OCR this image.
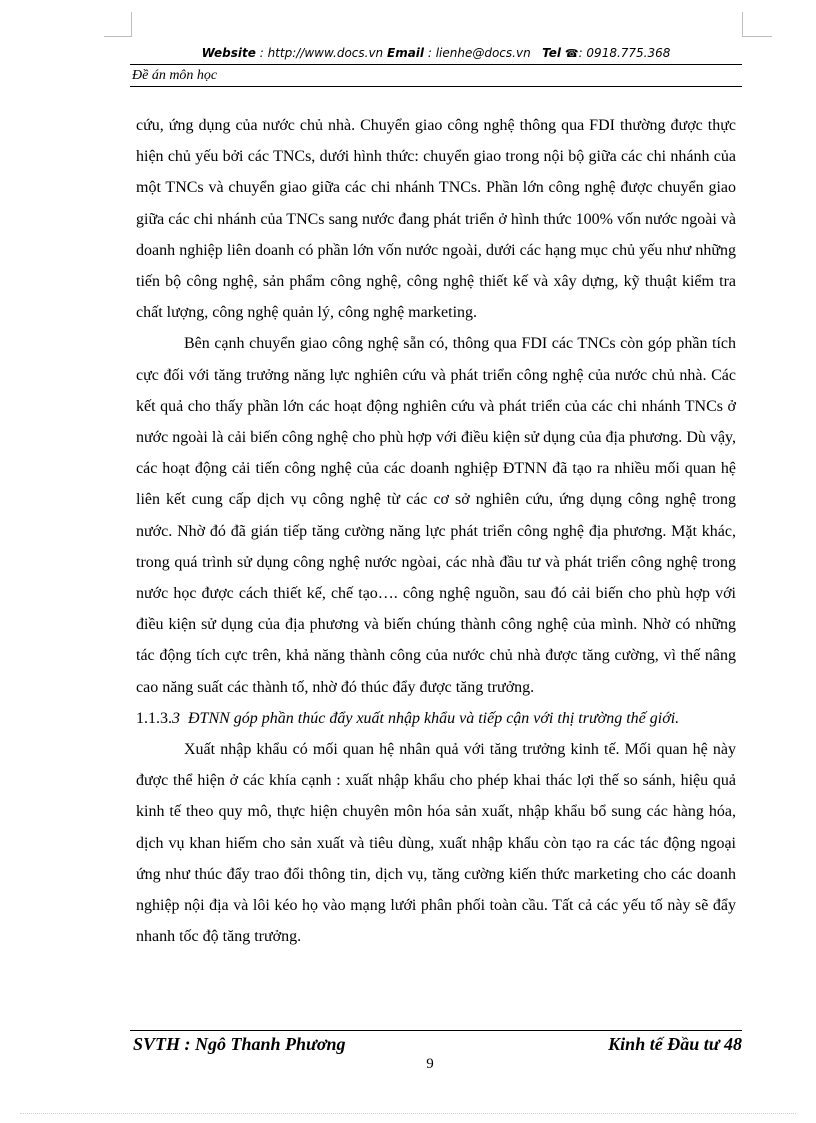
Website : http://www.docs.vn Email : lienhe@docs.vn Tel ☎: 0918.775.368
Đề án môn học

cứu, ứng dụng của nước chủ nhà. Chuyển giao công nghệ thông qua FDI thường được thực hiện chủ yếu bởi các TNCs, dưới hình thức: chuyển giao trong nội bộ giữa các chi nhánh của một TNCs và chuyển giao giữa các chi nhánh TNCs. Phần lớn công nghệ được chuyển giao giữa các chi nhánh của TNCs sang nước đang phát triển ở hình thức 100% vốn nước ngoài và doanh nghiệp liên doanh có phần lớn vốn nước ngoài, dưới các hạng mục chủ yếu như những tiến bộ công nghệ, sản phẩm công nghệ, công nghệ thiết kế và xây dựng, kỹ thuật kiểm tra chất lượng, công nghệ quản lý, công nghệ marketing.

Bên cạnh chuyển giao công nghệ sẵn có, thông qua FDI các TNCs còn góp phần tích cực đối với tăng trưởng năng lực nghiên cứu và phát triển công nghệ của nước chủ nhà. Các kết quả cho thấy phần lớn các hoạt động nghiên cứu và phát triển của các chi nhánh TNCs ở nước ngoài là cải biến công nghệ cho phù hợp với điều kiện sử dụng của địa phương. Dù vậy, các hoạt động cải tiến công nghệ của các doanh nghiệp ĐTNN đã tạo ra nhiều mối quan hệ liên kết cung cấp dịch vụ công nghệ từ các cơ sở nghiên cứu, ứng dụng công nghệ trong nước. Nhờ đó đã gián tiếp tăng cường năng lực phát triển công nghệ địa phương. Mặt khác, trong quá trình sử dụng công nghệ nước ngòai, các nhà đầu tư và phát triển công nghệ trong nước học được cách thiết kế, chế tạo…. công nghệ nguồn, sau đó cải biến cho phù hợp với điều kiện sử dụng của địa phương và biến chúng thành công nghệ của mình. Nhờ có những tác động tích cực trên, khả năng thành công của nước chủ nhà được tăng cường, vì thế nâng cao năng suất các thành tố, nhờ đó thúc đẩy được tăng trưởng.

1.1.3.3 ĐTNN góp phần thúc đẩy xuất nhập khẩu và tiếp cận với thị trường thế giới.

Xuất nhập khẩu có mối quan hệ nhân quả với tăng trưởng kinh tế. Mối quan hệ này được thể hiện ở các khía cạnh : xuất nhập khẩu cho phép khai thác lợi thế so sánh, hiệu quả kinh tế theo quy mô, thực hiện chuyên môn hóa sản xuất, nhập khẩu bổ sung các hàng hóa, dịch vụ khan hiếm cho sản xuất và tiêu dùng, xuất nhập khẩu còn tạo ra các tác động ngoại ứng như thúc đẩy trao đổi thông tin, dịch vụ, tăng cường kiến thức marketing cho các doanh nghiệp nội địa và lôi kéo họ vào mạng lưới phân phối toàn cầu. Tất cả các yếu tố này sẽ đẩy nhanh tốc độ tăng trưởng.

SVTH : Ngô Thanh Phương	Kinh tế Đầu tư 48
9
